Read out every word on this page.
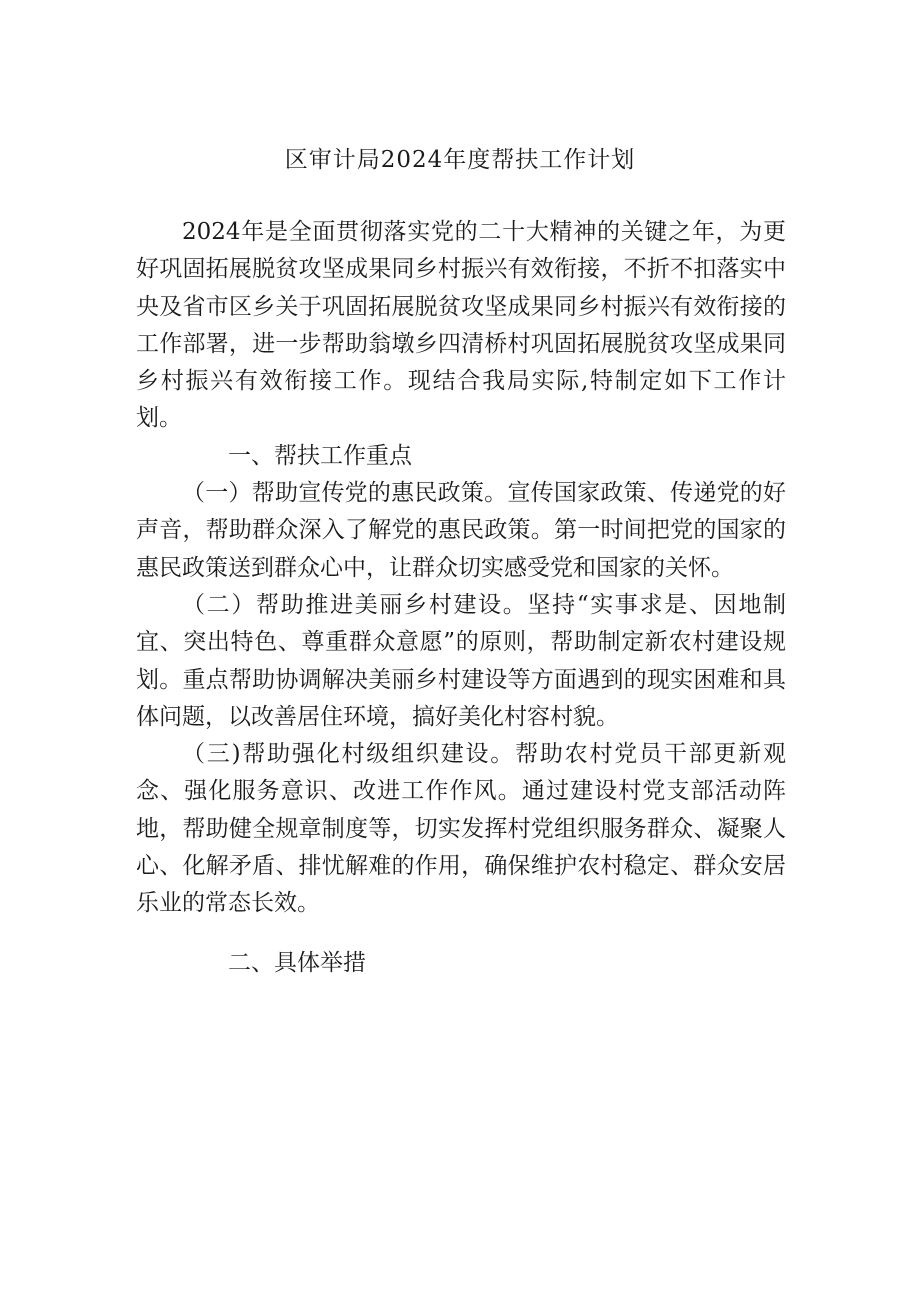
区审计局2024年度帮扶工作计划

2024年是全面贯彻落实党的二十大精神的关键之年，为更好巩固拓展脱贫攻坚成果同乡村振兴有效衔接，不折不扣落实中央及省市区乡关于巩固拓展脱贫攻坚成果同乡村振兴有效衔接的工作部署，进一步帮助翁墩乡四清桥村巩固拓展脱贫攻坚成果同乡村振兴有效衔接工作。现结合我局实际,特制定如下工作计划。

一、帮扶工作重点

（一）帮助宣传党的惠民政策。宣传国家政策、传递党的好声音，帮助群众深入了解党的惠民政策。第一时间把党的国家的惠民政策送到群众心中，让群众切实感受党和国家的关怀。

（二）帮助推进美丽乡村建设。坚持“实事求是、因地制宜、突出特色、尊重群众意愿”的原则，帮助制定新农村建设规划。重点帮助协调解决美丽乡村建设等方面遇到的现实困难和具体问题，以改善居住环境，搞好美化村容村貌。

（三)帮助强化村级组织建设。帮助农村党员干部更新观念、强化服务意识、改进工作作风。通过建设村党支部活动阵地，帮助健全规章制度等，切实发挥村党组织服务群众、凝聚人心、化解矛盾、排忧解难的作用，确保维护农村稳定、群众安居乐业的常态长效。

二、具体举措
